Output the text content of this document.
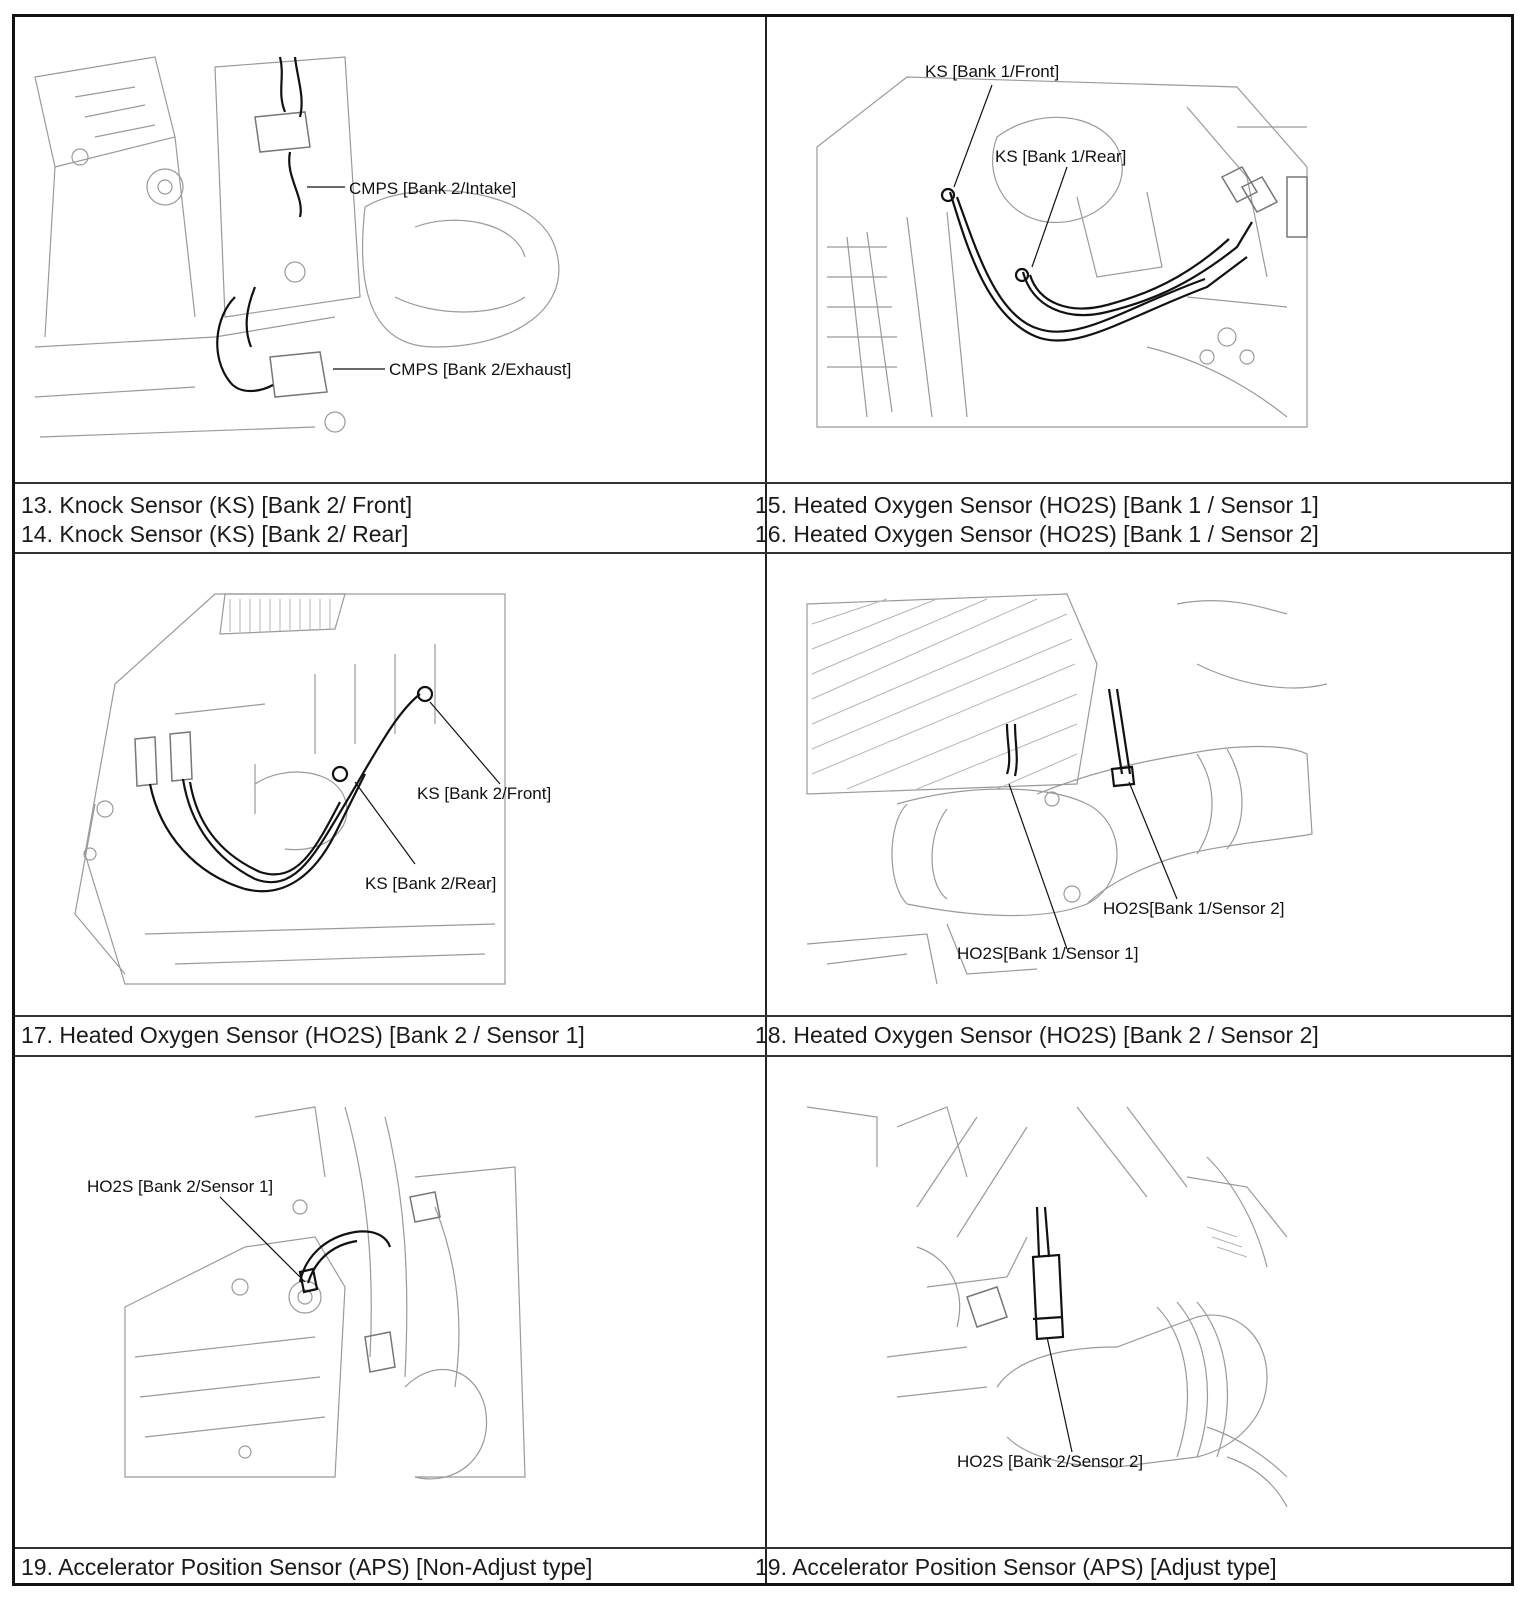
CMPS [Bank 2/Intake]
CMPS [Bank 2/Exhaust]
KS [Bank 1/Front]
KS [Bank 1/Rear]
13. Knock Sensor (KS) [Bank 2/ Front]
14. Knock Sensor (KS) [Bank 2/ Rear]
15. Heated Oxygen Sensor (HO2S) [Bank 1 / Sensor 1]
16. Heated Oxygen Sensor (HO2S) [Bank 1 / Sensor 2]
KS [Bank 2/Front]
KS [Bank 2/Rear]
HO2S[Bank 1/Sensor 2]
HO2S[Bank 1/Sensor 1]
17. Heated Oxygen Sensor (HO2S) [Bank 2 / Sensor 1]	18. Heated Oxygen Sensor (HO2S) [Bank 2 / Sensor 2]
HO2S [Bank 2/Sensor 1]
HO2S [Bank 2/Sensor 2]
19. Accelerator Position Sensor (APS) [Non-Adjust type]	19. Accelerator Position Sensor (APS) [Adjust type]
